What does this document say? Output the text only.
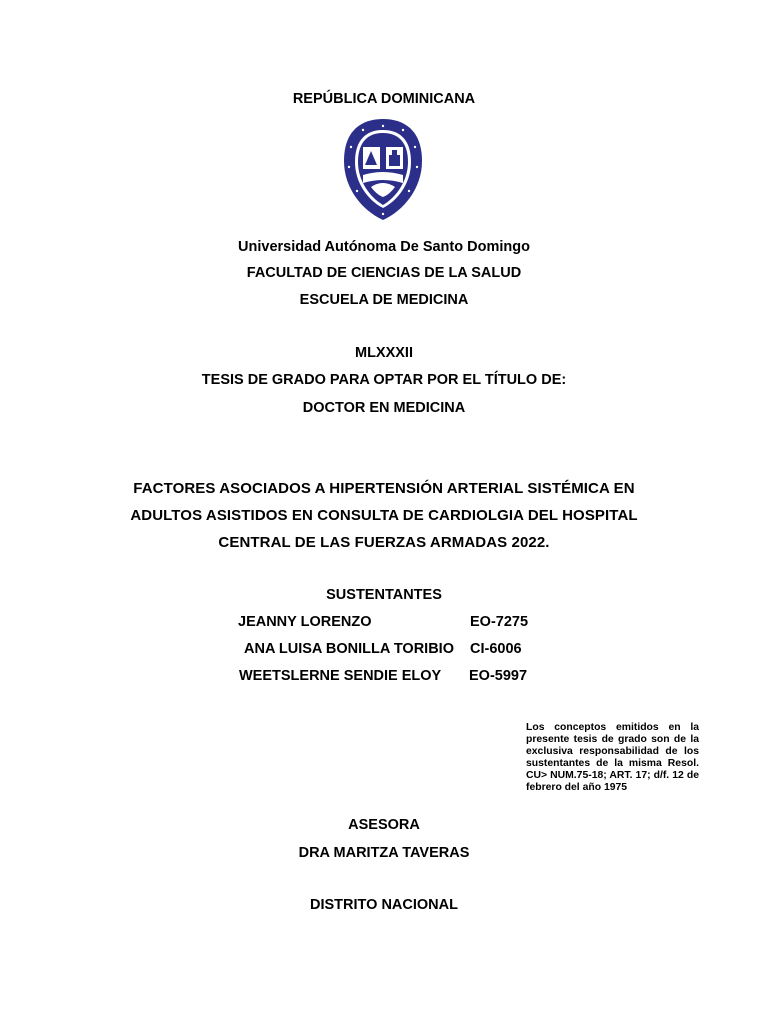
REPÚBLICA DOMINICANA
Universidad Autónoma De Santo Domingo
FACULTAD DE CIENCIAS DE LA SALUD
ESCUELA DE MEDICINA
MLXXXII
TESIS DE GRADO PARA OPTAR POR EL TÍTULO DE:
DOCTOR EN MEDICINA
FACTORES ASOCIADOS A HIPERTENSIÓN ARTERIAL SISTÉMICA EN
ADULTOS ASISTIDOS EN CONSULTA DE CARDIOLGIA DEL HOSPITAL
CENTRAL DE LAS FUERZAS ARMADAS 2022.
SUSTENTANTES
JEANNY LORENZO	EO-7275
ANA LUISA BONILLA TORIBIO CI-6006
WEETSLERNE SENDIE ELOY EO-5997
Los conceptos emitidos en la presente tesis de grado son de la exclusiva responsabilidad de los sustentantes de la misma Resol. CU> NUM.75-18; ART. 17; d/f. 12 de febrero del año 1975
ASESORA
DRA MARITZA TAVERAS
DISTRITO NACIONAL
